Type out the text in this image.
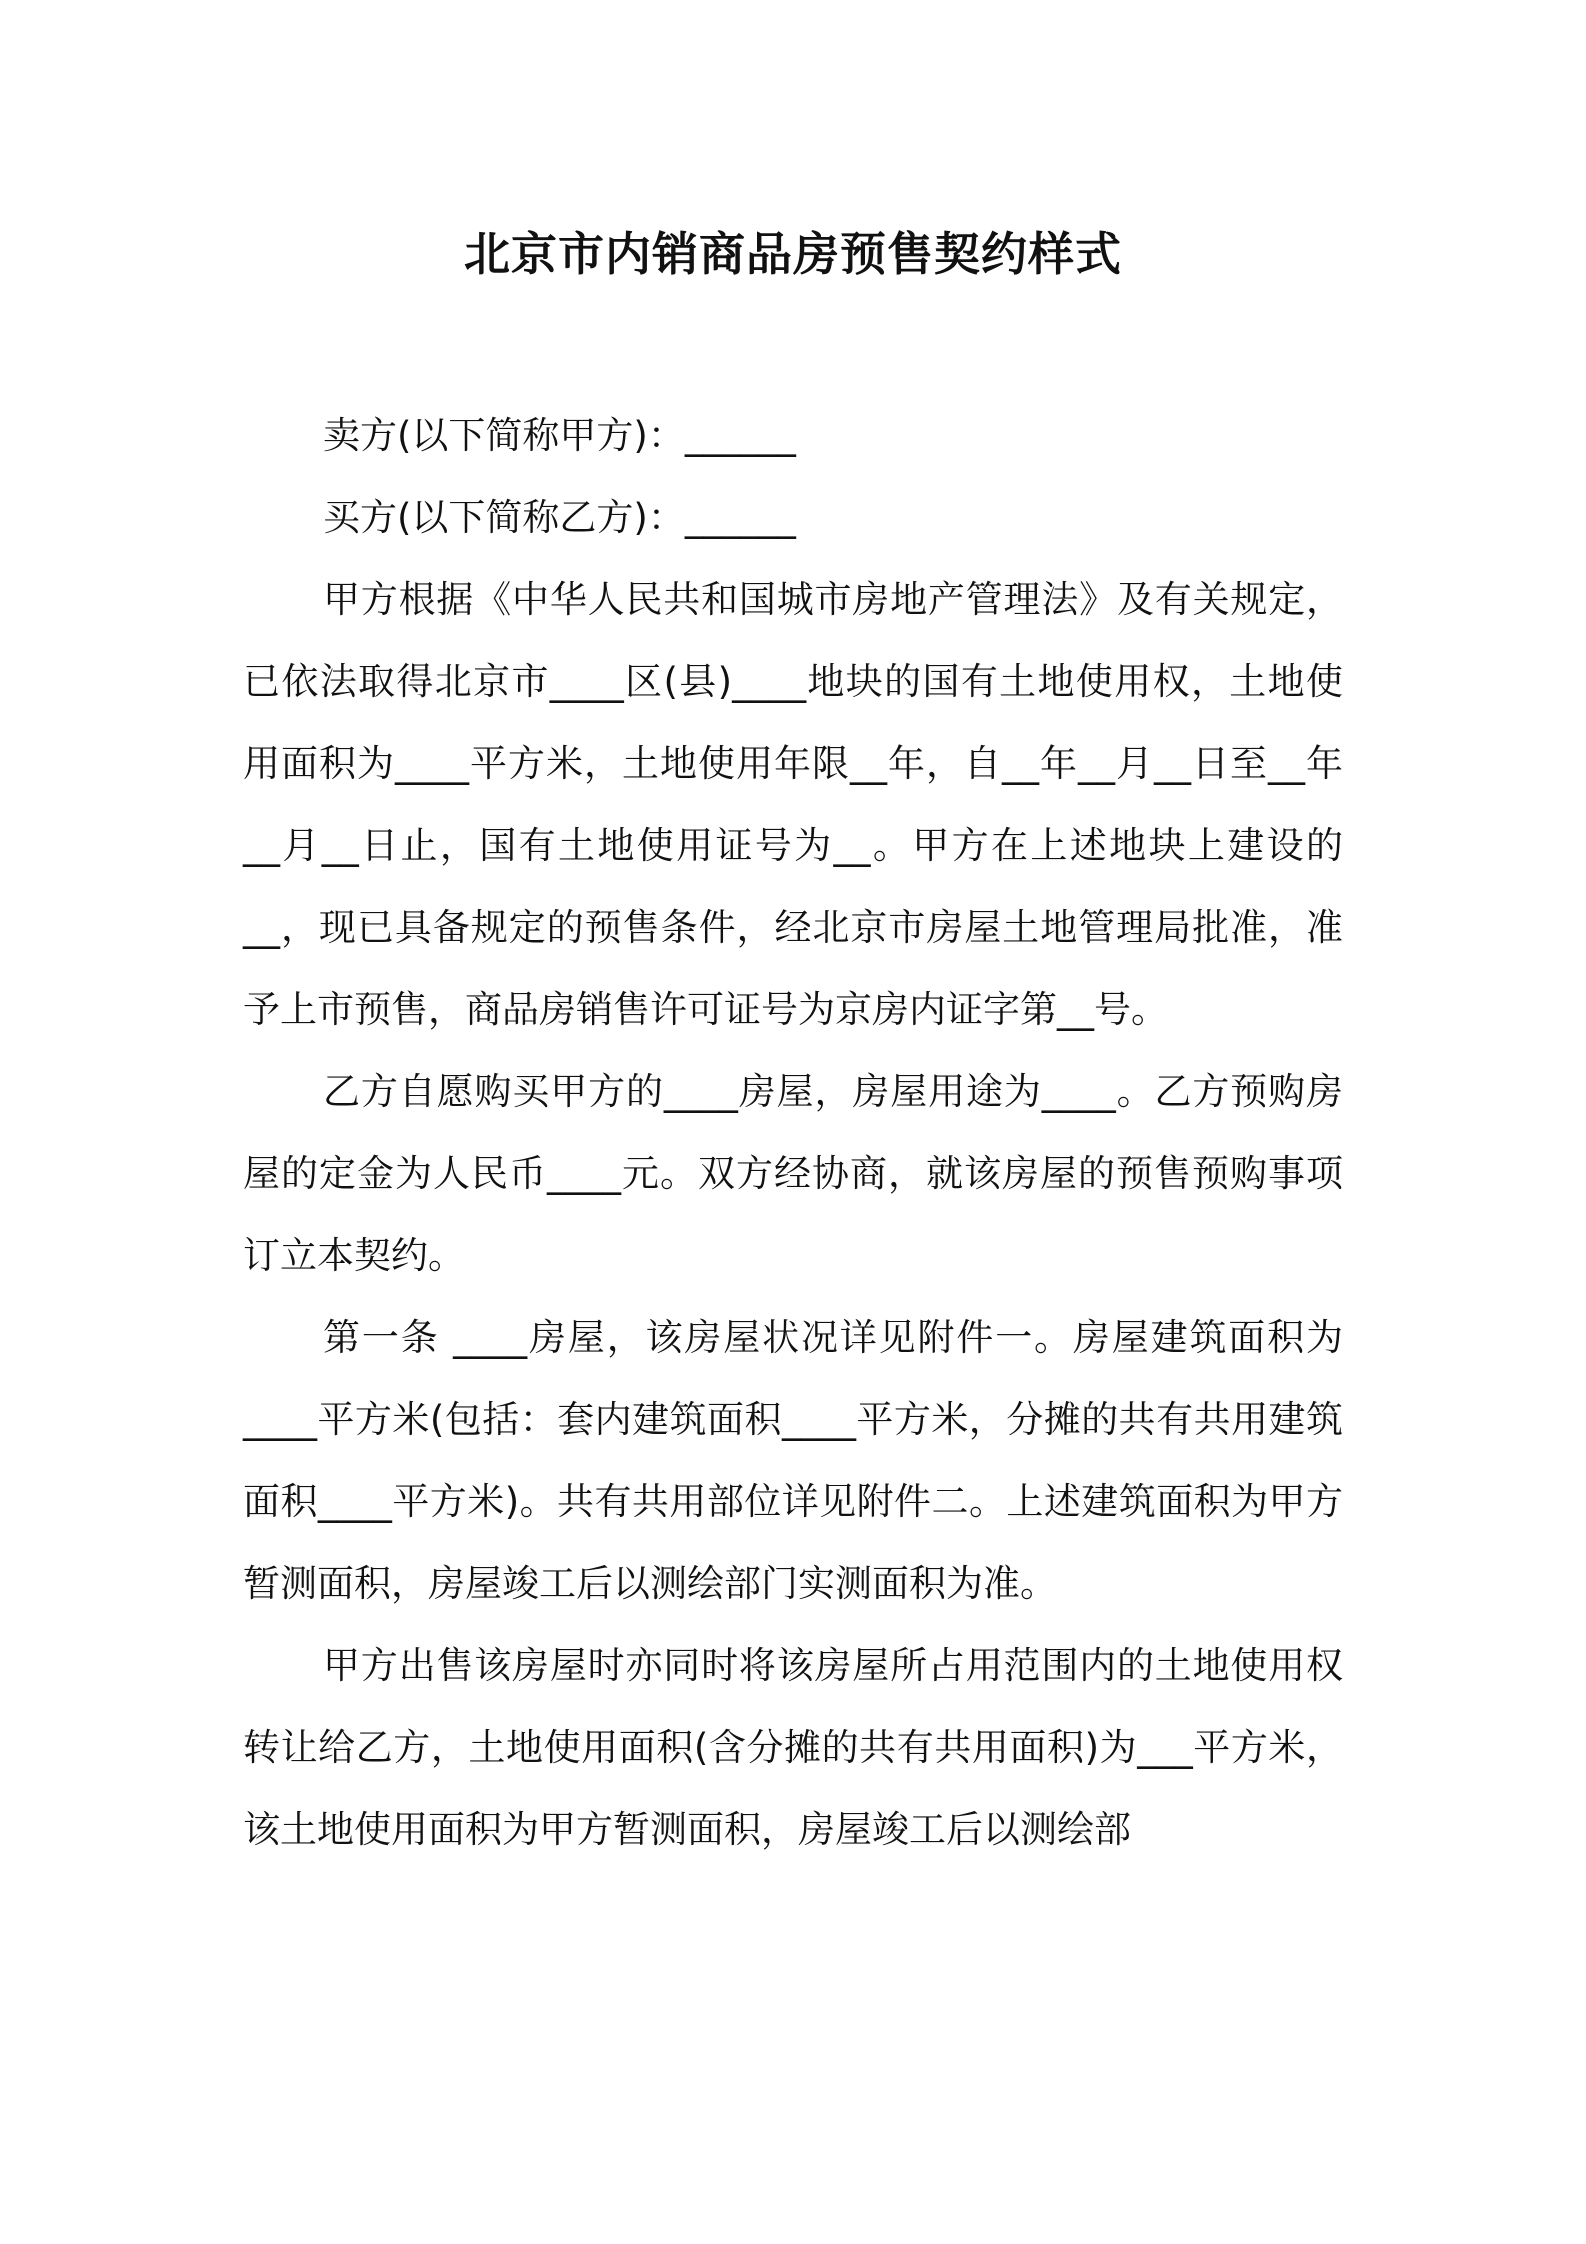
北京市内销商品房预售契约样式

卖方(以下简称甲方)：______

买方(以下简称乙方)：______

甲方根据《中华人民共和国城市房地产管理法》及有关规定，已依法取得北京市____区(县)____地块的国有土地使用权，土地使用面积为____平方米，土地使用年限__年，自__年__月__日至__年__月__日止，国有土地使用证号为__。甲方在上述地块上建设的__，现已具备规定的预售条件，经北京市房屋土地管理局批准，准予上市预售，商品房销售许可证号为京房内证字第__号。

乙方自愿购买甲方的____房屋，房屋用途为____。乙方预购房屋的定金为人民币____元。双方经协商，就该房屋的预售预购事项订立本契约。

第一条 ____房屋，该房屋状况详见附件一。房屋建筑面积为____平方米(包括：套内建筑面积____平方米，分摊的共有共用建筑面积____平方米)。共有共用部位详见附件二。上述建筑面积为甲方暂测面积，房屋竣工后以测绘部门实测面积为准。

甲方出售该房屋时亦同时将该房屋所占用范围内的土地使用权转让给乙方，土地使用面积(含分摊的共有共用面积)为___平方米，该土地使用面积为甲方暂测面积，房屋竣工后以测绘部
